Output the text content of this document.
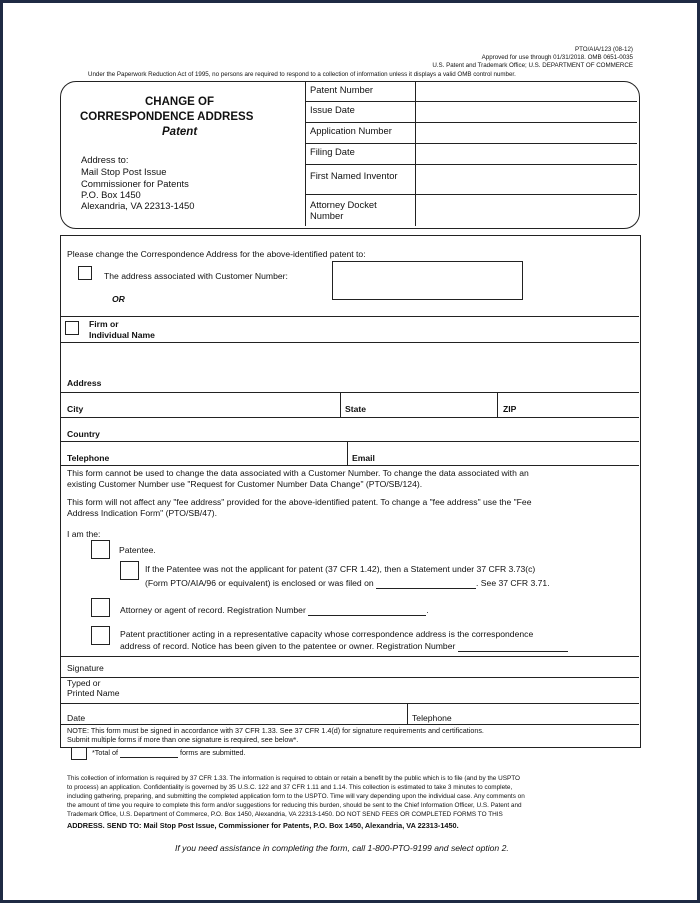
PTO/AIA/123 (08-12)
Approved for use through 01/31/2018. OMB 0651-0035
U.S. Patent and Trademark Office; U.S. DEPARTMENT OF COMMERCE
Under the Paperwork Reduction Act of 1995, no persons are required to respond to a collection of information unless it displays a valid OMB control number.
CHANGE OF
CORRESPONDENCE ADDRESS
Patent
Address to:
Mail Stop Post Issue
Commissioner for Patents
P.O. Box 1450
Alexandria, VA 22313-1450
Patent Number
Issue Date
Application Number
Filing Date
First Named Inventor
Attorney Docket
Number
Please change the Correspondence Address for the above-identified patent to:
The address associated with Customer Number:
OR
Firm or
Individual Name
Address
City	State	ZIP
Country
Telephone	Email
This form cannot be used to change the data associated with a Customer Number. To change the data associated with an
existing Customer Number use "Request for Customer Number Data Change" (PTO/SB/124).
This form will not affect any "fee address" provided for the above-identified patent. To change a "fee address" use the "Fee
Address Indication Form" (PTO/SB/47).
I am the:
Patentee.
If the Patentee was not the applicant for patent (37 CFR 1.42), then a Statement under 37 CFR 3.73(c)
(Form PTO/AIA/96 or equivalent) is enclosed or was filed on	. See 37 CFR 3.71.
Attorney or agent of record. Registration Number	.
Patent practitioner acting in a representative capacity whose correspondence address is the correspondence
address of record. Notice has been given to the patentee or owner. Registration Number
Signature
Typed or
Printed Name
Date	Telephone
NOTE: This form must be signed in accordance with 37 CFR 1.33. See 37 CFR 1.4(d) for signature requirements and certifications.
Submit multiple forms if more than one signature is required, see below*.
*Total of	forms are submitted.
This collection of information is required by 37 CFR 1.33. The information is required to obtain or retain a benefit by the public which is to file (and by the USPTO
to process) an application. Confidentiality is governed by 35 U.S.C. 122 and 37 CFR 1.11 and 1.14. This collection is estimated to take 3 minutes to complete,
including gathering, preparing, and submitting the completed application form to the USPTO. Time will vary depending upon the individual case. Any comments on
the amount of time you require to complete this form and/or suggestions for reducing this burden, should be sent to the Chief Information Officer, U.S. Patent and
Trademark Office, U.S. Department of Commerce, P.O. Box 1450, Alexandria, VA 22313-1450. DO NOT SEND FEES OR COMPLETED FORMS TO THIS
ADDRESS. SEND TO: Mail Stop Post Issue, Commissioner for Patents, P.O. Box 1450, Alexandria, VA 22313-1450.
If you need assistance in completing the form, call 1-800-PTO-9199 and select option 2.
